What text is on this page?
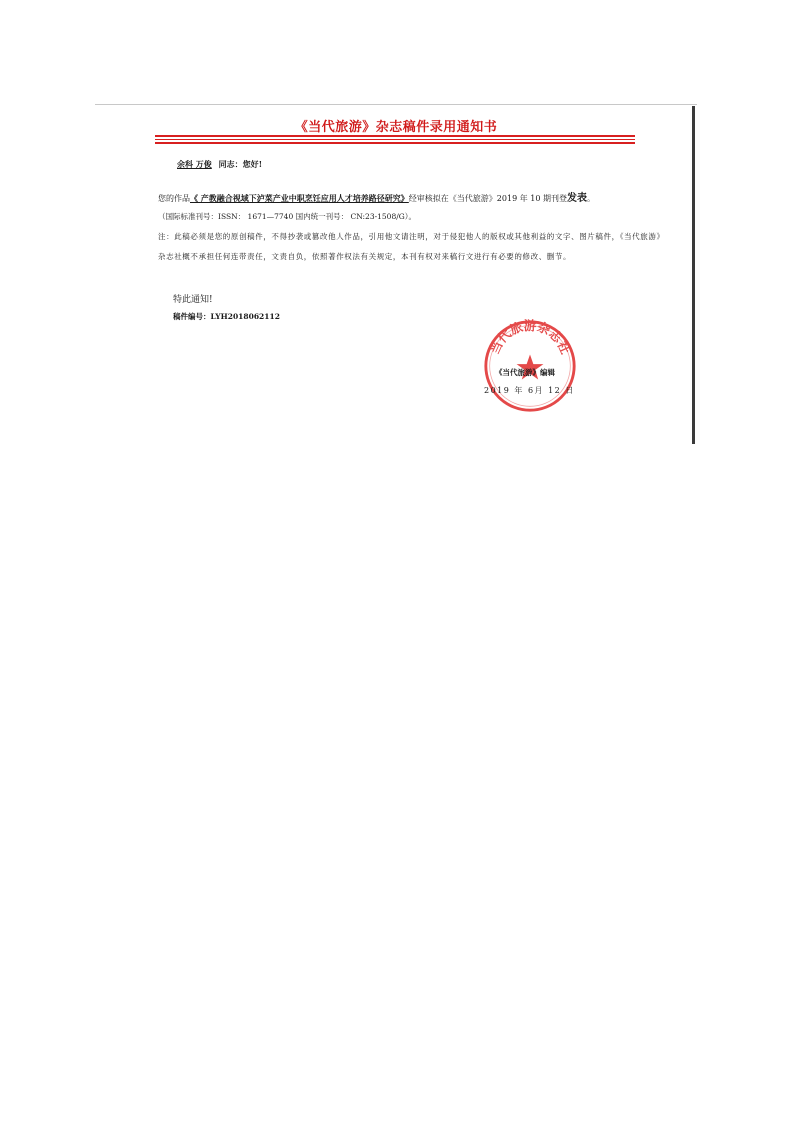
《当代旅游》杂志稿件录用通知书
余科 万俊 同志：您好!
您的作品《 产教融合视域下泸菜产业中职烹饪应用人才培养路径研究》经审核拟在《当代旅游》2019 年 10 期刊登发表。
（国际标准刊号：ISSN： 1671—7740 国内统一刊号： CN:23-1508/G）。
注：此稿必须是您的原创稿件，不得抄袭或篡改他人作品，引用他文请注明，对于侵犯他人的版权或其他利益的文字、图片稿件，《当代旅游》杂志社概不承担任何连带责任，文责自负，依照著作权法有关规定，本刊有权对来稿行文进行有必要的修改、删节。
特此通知!
稿件编号：LYH2018062112
当代旅游杂志社
《当代旅游》编辑
2019 年 6月 12 日
